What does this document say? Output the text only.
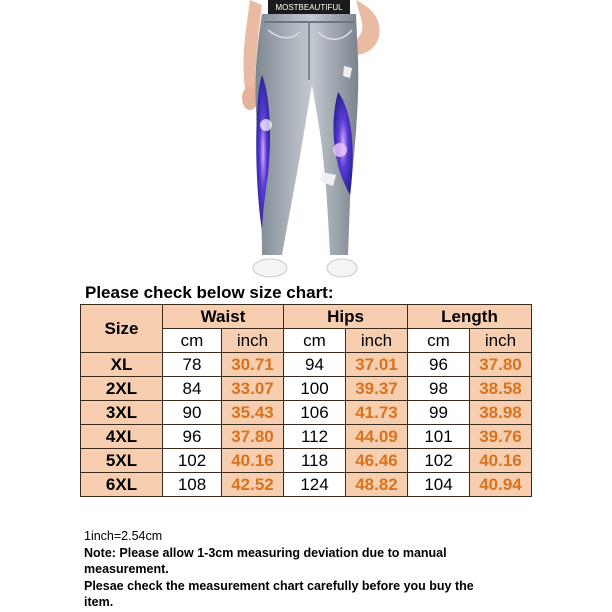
MOSTBEAUTIFUL
Please check below size chart:
Size	Waist		Hips		Length	
	cm	inch	cm	inch	cm	inch
XL	78	30.71	94	37.01	96	37.80
2XL	84	33.07	100	39.37	98	38.58
3XL	90	35.43	106	41.73	99	38.98
4XL	96	37.80	112	44.09	101	39.76
5XL	102	40.16	118	46.46	102	40.16
6XL	108	42.52	124	48.82	104	40.94
1inch=2.54cm
Note: Please allow 1-3cm measuring deviation due to manual measurement.
Plesae check the measurement chart carefully before you buy the item.
